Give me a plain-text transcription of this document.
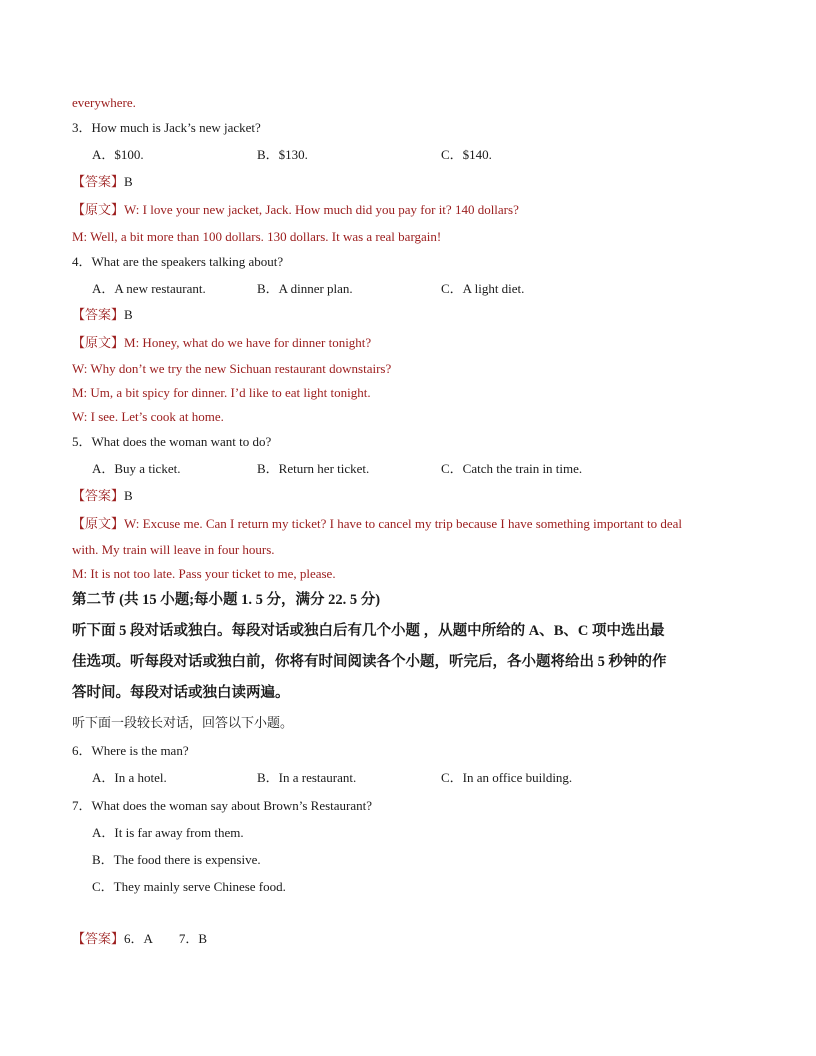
everywhere.
3．How much is Jack’s new jacket?
A．$100.	B．$130.	C．$140.
【答案】B
【原文】W: I love your new jacket, Jack. How much did you pay for it? 140 dollars?
M: Well, a bit more than 100 dollars. 130 dollars. It was a real bargain!
4．What are the speakers talking about?
A．A new restaurant.	B．A dinner plan.	C．A light diet.
【答案】B
【原文】M: Honey, what do we have for dinner tonight?
W: Why don’t we try the new Sichuan restaurant downstairs?
M: Um, a bit spicy for dinner. I’d like to eat light tonight.
W: I see. Let’s cook at home.
5．What does the woman want to do?
A．Buy a ticket.	B．Return her ticket.	C．Catch the train in time.
【答案】B
【原文】W: Excuse me. Can I return my ticket? I have to cancel my trip because I have something important to deal
with. My train will leave in four hours.
M: It is not too late. Pass your ticket to me, please.
第二节 (共 15 小题;每小题 1. 5 分，满分 22. 5 分)
听下面 5 段对话或独白。每段对话或独白后有几个小题 ，从题中所给的 A、B、C 项中选出最
佳选项。听每段对话或独白前，你将有时间阅读各个小题，听完后，各小题将给出 5 秒钟的作
答时间。每段对话或独白读两遍。
听下面一段较长对话，回答以下小题。
6．Where is the man?
A．In a hotel.	B．In a restaurant.	C．In an office building.
7．What does the woman say about Brown’s Restaurant?
A．It is far away from them.
B．The food there is expensive.
C．They mainly serve Chinese food.
【答案】6．A 7．B
